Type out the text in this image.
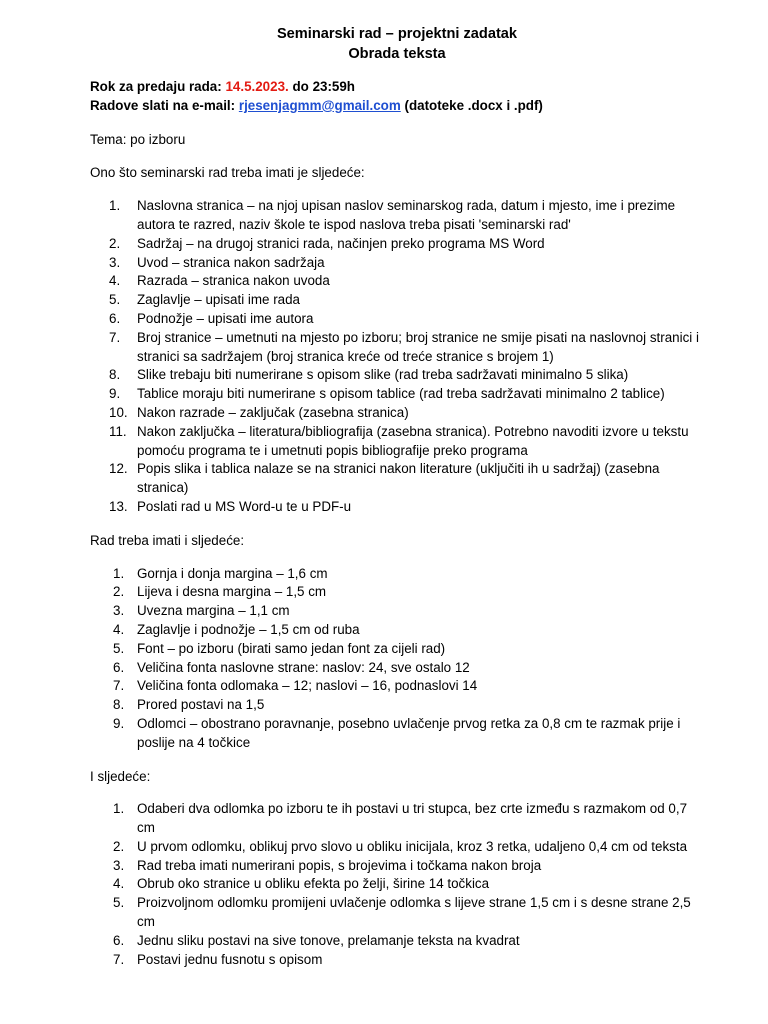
Seminarski rad – projektni zadatak

Obrada teksta

Rok za predaju rada: 14.5.2023. do 23:59h

Radove slati na e-mail: rjesenjagmm@gmail.com (datoteke .docx i .pdf)

Tema: po izboru

Ono što seminarski rad treba imati je sljedeće:

1.	Naslovna stranica – na njoj upisan naslov seminarskog rada, datum i mjesto, ime i prezime autora te razred, naziv škole te ispod naslova treba pisati 'seminarski rad'
2.	Sadržaj – na drugoj stranici rada, načinjen preko programa MS Word
3.	Uvod – stranica nakon sadržaja
4.	Razrada – stranica nakon uvoda
5.	Zaglavlje – upisati ime rada
6.	Podnožje – upisati ime autora
7.	Broj stranice – umetnuti na mjesto po izboru; broj stranice ne smije pisati na naslovnoj stranici i stranici sa sadržajem (broj stranica kreće od treće stranice s brojem 1)
8.	Slike trebaju biti numerirane s opisom slike (rad treba sadržavati minimalno 5 slika)
9.	Tablice moraju biti numerirane s opisom tablice (rad treba sadržavati minimalno 2 tablice)
10. Nakon razrade – zaključak (zasebna stranica)
11. Nakon zaključka – literatura/bibliografija (zasebna stranica). Potrebno navoditi izvore u tekstu pomoću programa te i umetnuti popis bibliografije preko programa
12. Popis slika i tablica nalaze se na stranici nakon literature (uključiti ih u sadržaj) (zasebna stranica)
13. Poslati rad u MS Word-u te u PDF-u

Rad treba imati i sljedeće:

1. Gornja i donja margina – 1,6 cm
2. Lijeva i desna margina – 1,5 cm
3. Uvezna margina – 1,1 cm
4. Zaglavlje i podnožje – 1,5 cm od ruba
5. Font – po izboru (birati samo jedan font za cijeli rad)
6. Veličina fonta naslovne strane: naslov: 24, sve ostalo 12
7. Veličina fonta odlomaka – 12; naslovi – 16, podnaslovi 14
8. Prored postavi na 1,5
9. Odlomci – obostrano poravnanje, posebno uvlačenje prvog retka za 0,8 cm te razmak prije i poslije na 4 točkice

I sljedeće:

1. Odaberi dva odlomka po izboru te ih postavi u tri stupca, bez crte između s razmakom od 0,7 cm
2. U prvom odlomku, oblikuj prvo slovo u obliku inicijala, kroz 3 retka, udaljeno 0,4 cm od teksta
3. Rad treba imati numerirani popis, s brojevima i točkama nakon broja
4. Obrub oko stranice u obliku efekta po želji, širine 14 točkica
5. Proizvoljnom odlomku promijeni uvlačenje odlomka s lijeve strane 1,5 cm i s desne strane 2,5 cm
6. Jednu sliku postavi na sive tonove, prelamanje teksta na kvadrat
7. Postavi jednu fusnotu s opisom
